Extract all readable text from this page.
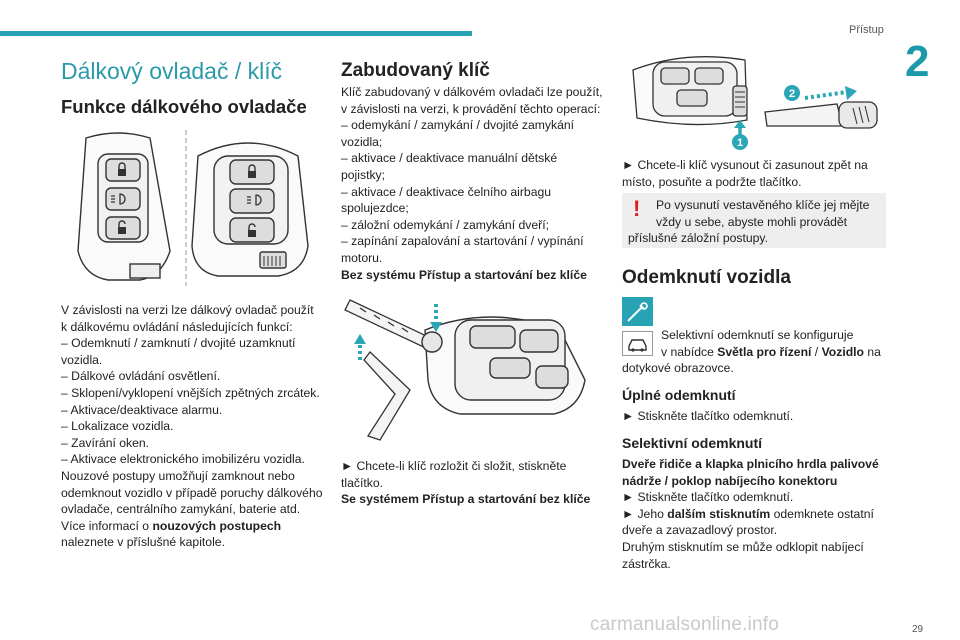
Přístup
2
Dálkový ovladač / klíč
Funkce dálkového ovladače
V závislosti na verzi lze dálkový ovladač použít
k dálkovému ovládání následujících funkcí:
– Odemknutí / zamknutí / dvojité uzamknutí
vozidla.
– Dálkové ovládání osvětlení.
– Sklopení/vyklopení vnějších zpětných zrcátek.
– Aktivace/deaktivace alarmu.
– Lokalizace vozidla.
– Zavírání oken.
– Aktivace elektronického imobilizéru vozidla.
Nouzové postupy umožňují zamknout nebo
odemknout vozidlo v případě poruchy dálkového
ovladače, centrálního zamykání, baterie atd.
Více informací o nouzových postupech
naleznete v příslušné kapitole.
Zabudovaný klíč
Klíč zabudovaný v dálkovém ovladači lze použít,
v závislosti na verzi, k provádění těchto operací:
– odemykání / zamykání / dvojité zamykání
vozidla;
– aktivace / deaktivace manuální dětské
pojistky;
– aktivace / deaktivace čelního airbagu
spolujezdce;
– záložní odemykání / zamykání dveří;
– zapínání zapalování a startování / vypínání
motoru.
Bez systému Přístup a startování bez klíče
► Chcete-li klíč rozložit či složit, stiskněte
tlačítko.
Se systémem Přístup a startování bez klíče
2
1
► Chcete-li klíč vysunout či zasunout zpět na
místo, posuňte a podržte tlačítko.
!	Po vysunutí vestavěného klíče jej mějte
vždy u sebe, abyste mohli provádět
příslušné záložní postupy.
Odemknutí vozidla
Selektivní odemknutí se konfiguruje
v nabídce Světla pro řízení / Vozidlo na
dotykové obrazovce.
Úplné odemknutí
► Stiskněte tlačítko odemknutí.
Selektivní odemknutí
Dveře řidiče a klapka plnicího hrdla palivové
nádrže / poklop nabíjecího konektoru
► Stiskněte tlačítko odemknutí.
► Jeho dalším stisknutím odemknete ostatní
dveře a zavazadlový prostor.
Druhým stisknutím se může odklopit nabíjecí
zástrčka.
carmanualsonline.info	29
